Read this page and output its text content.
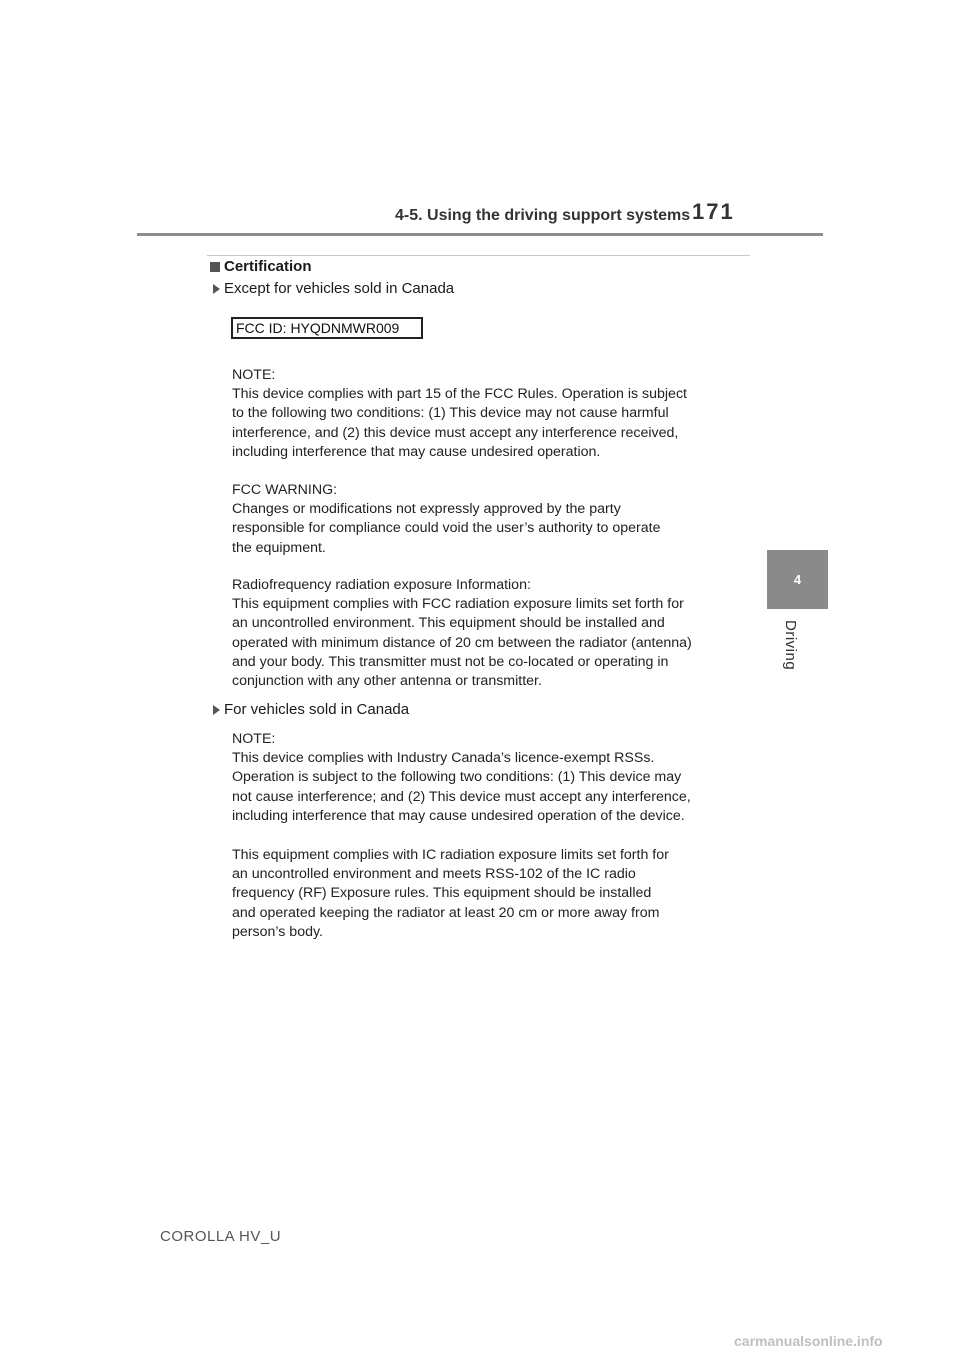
4-5. Using the driving support systems 171
4
Driving
Certification
Except for vehicles sold in Canada
FCC ID: HYQDNMWR009
NOTE:
This device complies with part 15 of the FCC Rules. Operation is subject
to the following two conditions: (1) This device may not cause harmful
interference, and (2) this device must accept any interference received,
including interference that may cause undesired operation.
FCC WARNING:
Changes or modifications not expressly approved by the party
responsible for compliance could void the user’s authority to operate
the equipment.
Radiofrequency radiation exposure Information:
This equipment complies with FCC radiation exposure limits set forth for
an uncontrolled environment. This equipment should be installed and
operated with minimum distance of 20 cm between the radiator (antenna)
and your body. This transmitter must not be co-located or operating in
conjunction with any other antenna or transmitter.
For vehicles sold in Canada
NOTE:
This device complies with Industry Canada’s licence-exempt RSSs.
Operation is subject to the following two conditions: (1) This device may
not cause interference; and (2) This device must accept any interference,
including interference that may cause undesired operation of the device.
This equipment complies with IC radiation exposure limits set forth for
an uncontrolled environment and meets RSS-102 of the IC radio
frequency (RF) Exposure rules. This equipment should be installed
and operated keeping the radiator at least 20 cm or more away from
person’s body.
COROLLA HV_U
carmanualsonline.info
